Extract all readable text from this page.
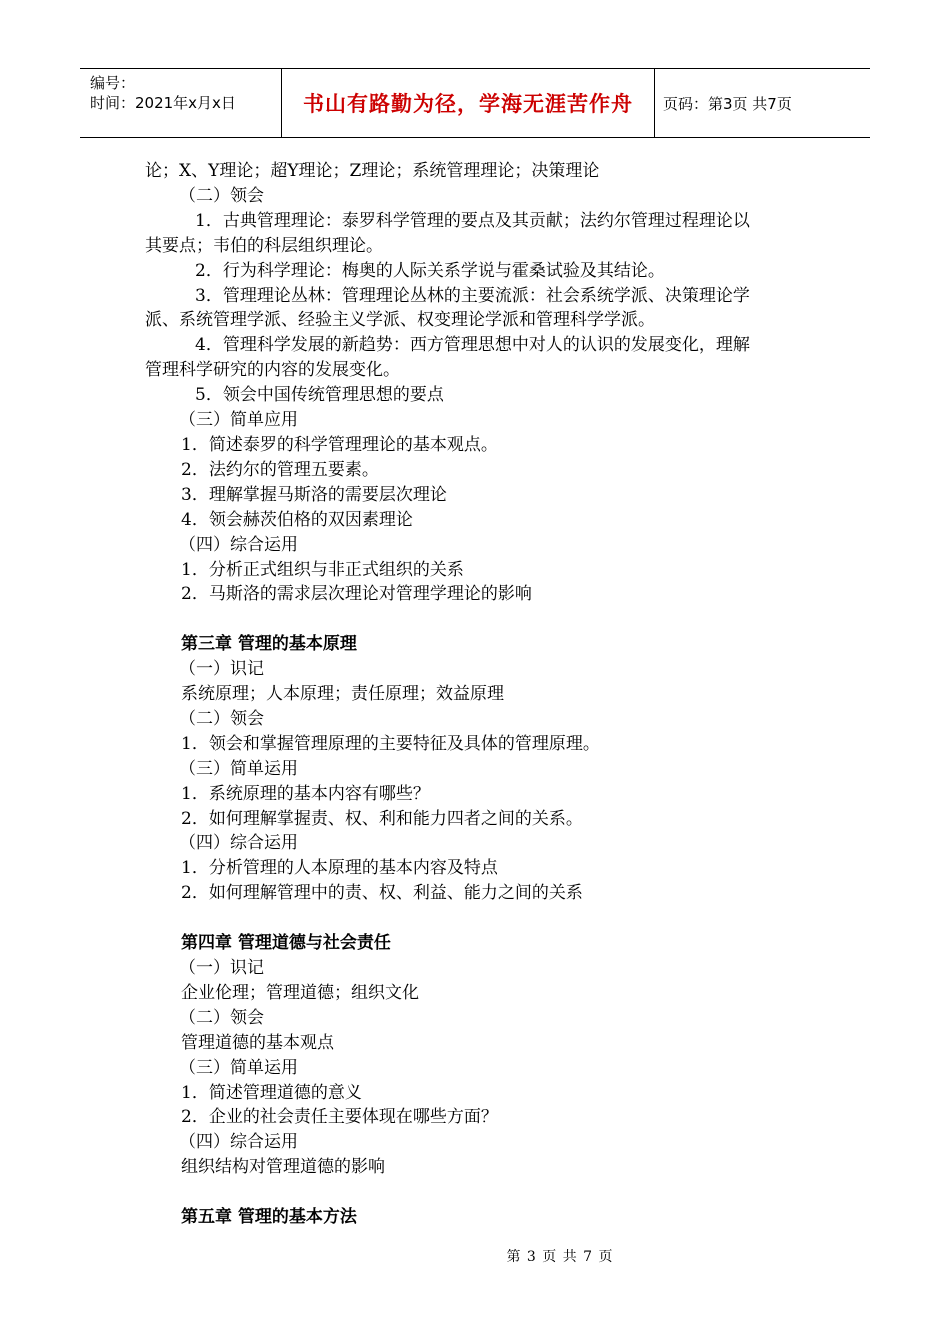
编号：
时间：2021年x月x日	书山有路勤为径，学海无涯苦作舟	页码：第3页 共7页
论；X、Y理论；超Y理论；Z理论；系统管理理论；决策理论
（二）领会
1．古典管理理论：泰罗科学管理的要点及其贡献；法约尔管理过程理论以
其要点；韦伯的科层组织理论。
2．行为科学理论：梅奥的人际关系学说与霍桑试验及其结论。
3．管理理论丛林：管理理论丛林的主要流派：社会系统学派、决策理论学
派、系统管理学派、经验主义学派、权变理论学派和管理科学学派。
4．管理科学发展的新趋势：西方管理思想中对人的认识的发展变化，理解
管理科学研究的内容的发展变化。
5．领会中国传统管理思想的要点
（三）简单应用
1．简述泰罗的科学管理理论的基本观点。
2．法约尔的管理五要素。
3．理解掌握马斯洛的需要层次理论
4．领会赫茨伯格的双因素理论
（四）综合运用
1．分析正式组织与非正式组织的关系
2．马斯洛的需求层次理论对管理学理论的影响
第三章 管理的基本原理
（一）识记
系统原理；人本原理；责任原理；效益原理
（二）领会
1．领会和掌握管理原理的主要特征及具体的管理原理。
（三）简单运用
1．系统原理的基本内容有哪些？
2．如何理解掌握责、权、利和能力四者之间的关系。
（四）综合运用
1．分析管理的人本原理的基本内容及特点
2．如何理解管理中的责、权、利益、能力之间的关系
第四章 管理道德与社会责任
（一）识记
企业伦理；管理道德；组织文化
（二）领会
管理道德的基本观点
（三）简单运用
1．简述管理道德的意义
2．企业的社会责任主要体现在哪些方面？
（四）综合运用
组织结构对管理道德的影响
第五章 管理的基本方法
第 3 页 共 7 页
